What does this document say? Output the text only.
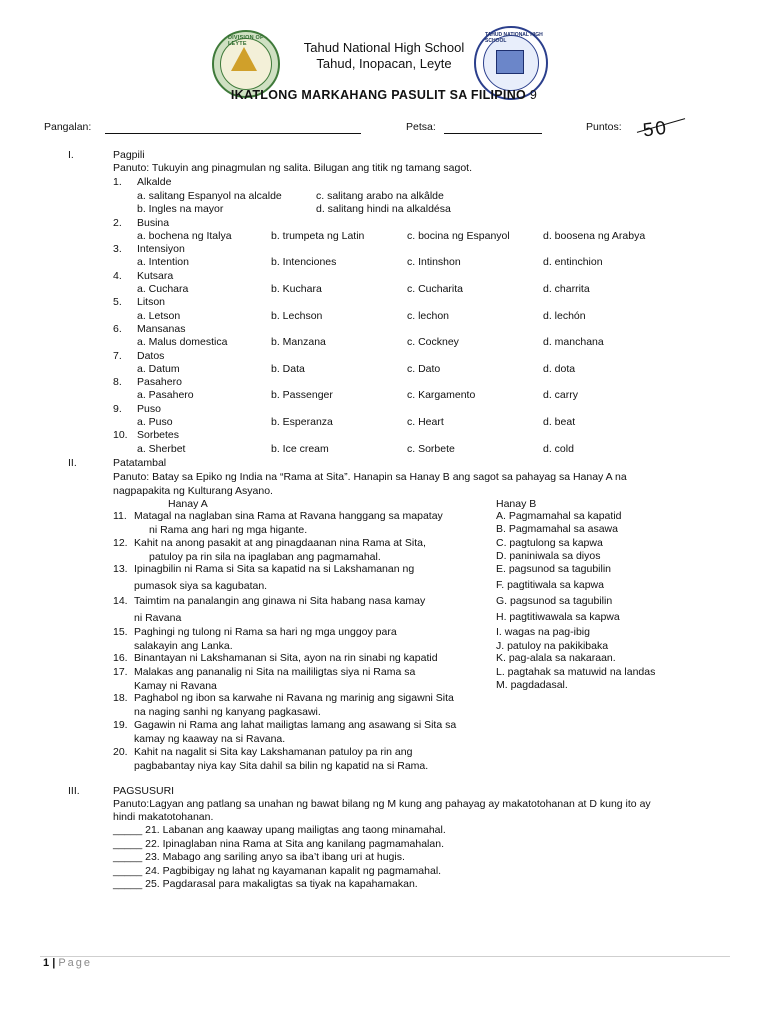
DIVISION OF LEYTE
TAHUD NATIONAL HIGH SCHOOL
Tahud National High School
Tahud, Inopacan, Leyte
IKATLONG MARKAHANG PASULIT SA FILIPINO 9
Pangalan:	Petsa:	Puntos: 50
I.	Pagpili
Panuto: Tukuyin ang pinagmulan ng salita. Bilugan ang titik ng tamang sagot.
1.	Alkalde
a. salitang Espanyol na alcalde	c. salitang arabo na alkâlde
b. Ingles na mayor	d. salitang hindi na alkaldésa
2.	Busina
a. bochena ng Italya	b. trumpeta ng Latin	c. bocina ng Espanyol	d. boosena ng Arabya
3.	Intensiyon
a. Intention	b. Intenciones	c. Intinshon	d. entinchion
4.	Kutsara
a. Cuchara	b. Kuchara	c. Cucharita	d. charrita
5.	Litson
a. Letson	b. Lechson	c. lechon	d. lechón
6.	Mansanas
a. Malus domestica	b. Manzana	c. Cockney	d. manchana
7.	Datos
a. Datum	b. Data	c. Dato	d. dota
8.	Pasahero
a. Pasahero	b. Passenger	c. Kargamento	d. carry
9.	Puso
a. Puso	b. Esperanza	c. Heart	d. beat
10. Sorbetes
a. Sherbet	b. Ice cream	c. Sorbete	d. cold
II.	Patatambal
Panuto: Batay sa Epiko ng India na “Rama at Sita”. Hanapin sa Hanay B ang sagot sa pahayag sa Hanay A na
nagpapakita ng Kulturang Asyano.
Hanay A	Hanay B
11. Matagal na naglaban sina Rama at Ravana hanggang sa mapatay
ni Rama ang hari ng mga higante.
12. Kahit na anong pasakit at ang pinagdaanan nina Rama at Sita,
patuloy pa rin sila na ipaglaban ang pagmamahal.
13. Ipinagbilin ni Rama si Sita sa kapatid na si Lakshamanan ng
pumasok siya sa kagubatan.
14. Taimtim na panalangin ang ginawa ni Sita habang nasa kamay
ni Ravana
15. Paghingi ng tulong ni Rama sa hari ng mga unggoy para
salakayin ang Lanka.
16. Binantayan ni Lakshamanan si Sita, ayon na rin sinabi ng kapatid
17. Malakas ang pananalig ni Sita na maililigtas siya ni Rama sa
Kamay ni Ravana
18. Paghabol ng ibon sa karwahe ni Ravana ng marinig ang sigawni Sita
na naging sanhi ng kanyang pagkasawi.
19. Gagawin ni Rama ang lahat mailigtas lamang ang asawang si Sita sa
kamay ng kaaway na si Ravana.
20. Kahit na nagalit si Sita kay Lakshamanan patuloy pa rin ang
pagbabantay niya kay Sita dahil sa bilin ng kapatid na si Rama.
A. Pagmamahal sa kapatid
B. Pagmamahal sa asawa
C. pagtulong sa kapwa
D. paniniwala sa diyos
E. pagsunod sa tagubilin
F. pagtitiwala sa kapwa
G. pagsunod sa tagubilin
H. pagtitiwawala sa kapwa
I. wagas na pag-ibig
J. patuloy na pakikibaka
K. pag-alala sa nakaraan.
L. pagtahak sa matuwid na landas
M. pagdadasal.
III.	PAGSUSURI
Panuto:Lagyan ang patlang sa unahan ng bawat bilang ng M kung ang pahayag ay makatotohanan at D kung ito ay
hindi makatotohanan.
_____ 21. Labanan ang kaaway upang mailigtas ang taong minamahal.
_____ 22. Ipinaglaban nina Rama at Sita ang kanilang pagmamahalan.
_____ 23. Mabago ang sariling anyo sa iba’t ibang uri at hugis.
_____ 24. Pagbibigay ng lahat ng kayamanan kapalit ng pagmamahal.
_____ 25. Pagdarasal para makaligtas sa tiyak na kapahamakan.
1 | Page
